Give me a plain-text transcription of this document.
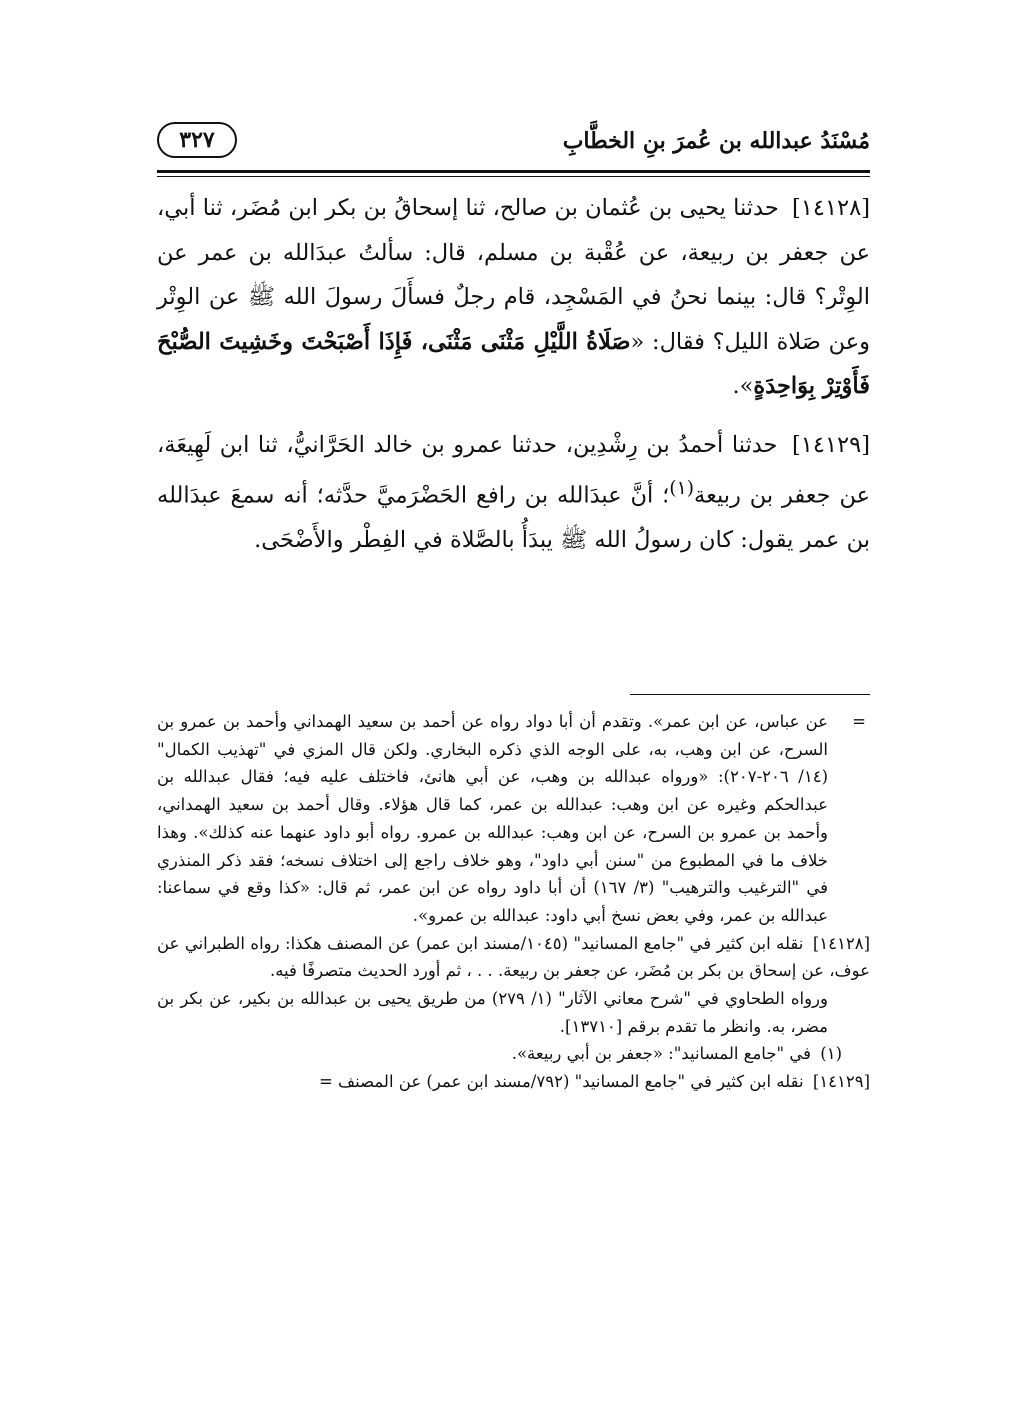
مُسْنَدُ عبدالله بن عُمرَ بنِ الخطَّابِ
٣٢٧

[١٤١٢٨] حدثنا يحيى بن عُثمان بن صالح، ثنا إسحاقُ بن بكر ابن مُضَر، ثنا أبي، عن جعفر بن ربيعة، عن عُقْبة بن مسلم، قال: سألتُ عبدَالله بن عمر عن الوِتْر؟ قال: بينما نحنُ في المَسْجِد، قام رجلٌ فسأَلَ رسولَ الله ﷺ عن الوِتْر وعن صَلاة الليل؟ فقال: «صَلَاةُ اللَّيْلِ مَثْنَى مَثْنَى، فَإِذَا أَصْبَحْتَ وخَشِيتَ الصُّبْحَ فَأَوْتِرْ بِوَاحِدَةٍ».

[١٤١٢٩] حدثنا أحمدُ بن رِشْدِين، حدثنا عمرو بن خالد الحَرَّانيُّ، ثنا ابن لَهِيعَة، عن جعفر بن ربيعة$^{(١)}$؛ أنَّ عبدَالله بن رافع الحَضْرَميَّ حدَّثه؛ أنه سمعَ عبدَالله بن عمر يقول: كان رسولُ الله ﷺ يبدَأُ بالصَّلاة في الفِطْر والأَضْحَى.

=
عن عباس، عن ابن عمر». وتقدم أن أبا دواد رواه عن أحمد بن سعيد الهمداني وأحمد بن عمرو بن السرح، عن ابن وهب، به، على الوجه الذي ذكره البخاري. ولكن قال المزي في "تهذيب الكمال" (١٤/ ٢٠٦-٢٠٧): «ورواه عبدالله بن وهب، عن أبي هانئ، فاختلف عليه فيه؛ فقال عبدالله بن عبدالحكم وغيره عن ابن وهب: عبدالله بن عمر، كما قال هؤلاء. وقال أحمد بن سعيد الهمداني، وأحمد بن عمرو بن السرح، عن ابن وهب: عبدالله بن عمرو. رواه أبو داود عنهما عنه كذلك». وهذا خلاف ما في المطبوع من "سنن أبي داود"، وهو خلاف راجع إلى اختلاف نسخه؛ فقد ذكر المنذري في "الترغيب والترهيب" (٣/ ١٦٧) أن أبا داود رواه عن ابن عمر، ثم قال: «كذا وقع في سماعنا: عبدالله بن عمر، وفي بعض نسخ أبي داود: عبدالله بن عمرو».
[١٤١٢٨] نقله ابن كثير في "جامع المسانيد" (١٠٤٥/مسند ابن عمر) عن المصنف هكذا: رواه الطبراني عن عوف، عن إسحاق بن بكر بن مُضَر، عن جعفر بن ربيعة. . . ، ثم أورد الحديث متصرفًا فيه.
ورواه الطحاوي في "شرح معاني الآثار" (١/ ٢٧٩) من طريق يحيى بن عبدالله بن بكير، عن بكر بن مضر، به. وانظر ما تقدم برقم [١٣٧١٠].
(١) في "جامع المسانيد": «جعفر بن أبي ربيعة».
[١٤١٢٩] نقله ابن كثير في "جامع المسانيد" (٧٩٢/مسند ابن عمر) عن المصنف =
